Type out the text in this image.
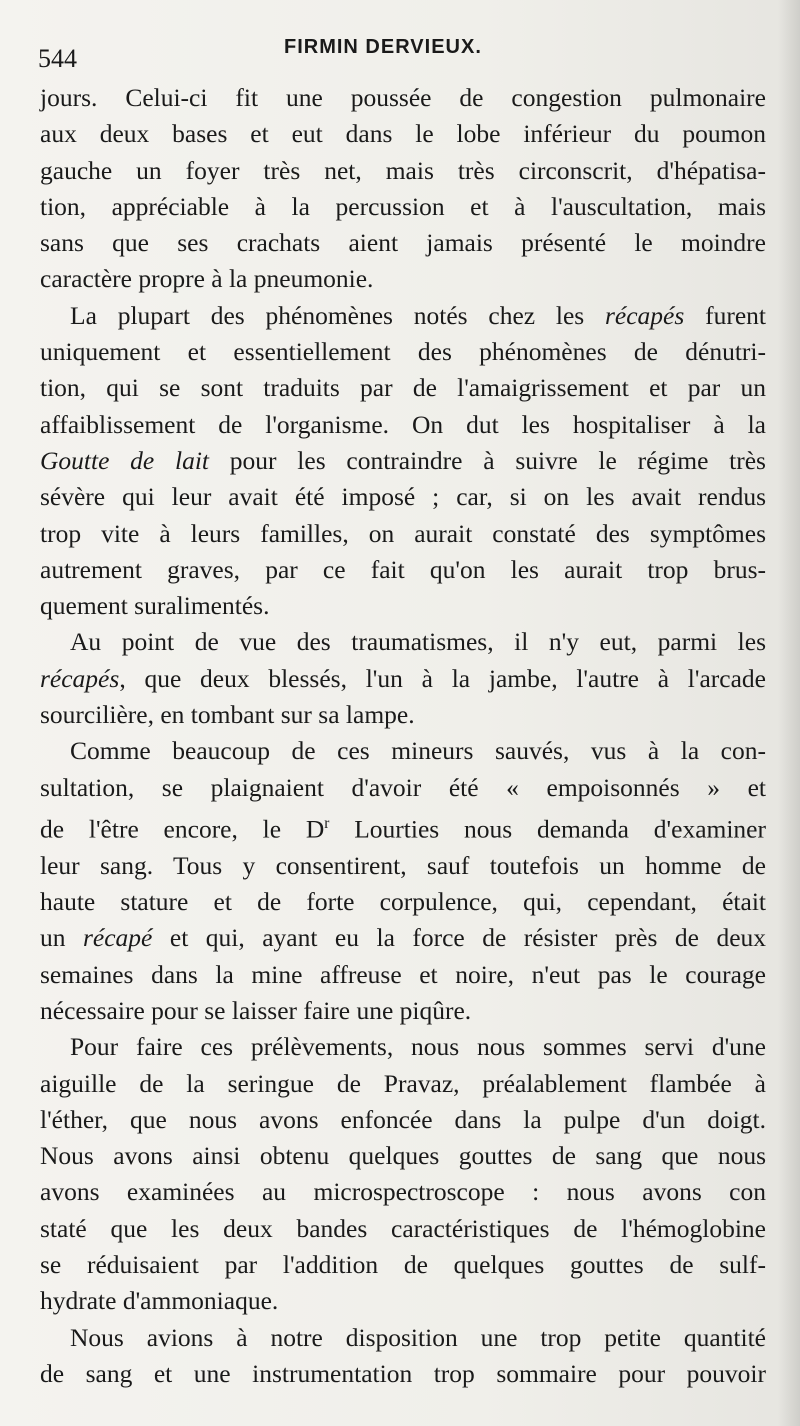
544	FIRMIN DERVIEUX.
jours. Celui-ci fit une poussée de congestion pulmonaire
aux deux bases et eut dans le lobe inférieur du poumon
gauche un foyer très net, mais très circonscrit, d'hépatisa-
tion, appréciable à la percussion et à l'auscultation, mais
sans que ses crachats aient jamais présenté le moindre
caractère propre à la pneumonie.
La plupart des phénomènes notés chez les récapés furent
uniquement et essentiellement des phénomènes de dénutri-
tion, qui se sont traduits par de l'amaigrissement et par un
affaiblissement de l'organisme. On dut les hospitaliser à la
Goutte de lait pour les contraindre à suivre le régime très
sévère qui leur avait été imposé ; car, si on les avait rendus
trop vite à leurs familles, on aurait constaté des symptômes
autrement graves, par ce fait qu'on les aurait trop brus-
quement suralimentés.
Au point de vue des traumatismes, il n'y eut, parmi les
récapés, que deux blessés, l'un à la jambe, l'autre à l'arcade
sourcilière, en tombant sur sa lampe.
Comme beaucoup de ces mineurs sauvés, vus à la con-
sultation, se plaignaient d'avoir été « empoisonnés » et
de l'être encore, le $D^r$ Lourties nous demanda d'examiner
leur sang. Tous y consentirent, sauf toutefois un homme de
haute stature et de forte corpulence, qui, cependant, était
un récapé et qui, ayant eu la force de résister près de deux
semaines dans la mine affreuse et noire, n'eut pas le courage
nécessaire pour se laisser faire une piqûre.
Pour faire ces prélèvements, nous nous sommes servi d'une
aiguille de la seringue de Pravaz, préalablement flambée à
l'éther, que nous avons enfoncée dans la pulpe d'un doigt.
Nous avons ainsi obtenu quelques gouttes de sang que nous
avons examinées au microspectroscope : nous avons con
staté que les deux bandes caractéristiques de l'hémoglobine
se réduisaient par l'addition de quelques gouttes de sulf-
hydrate d'ammoniaque.
Nous avions à notre disposition une trop petite quantité
de sang et une instrumentation trop sommaire pour pouvoir
